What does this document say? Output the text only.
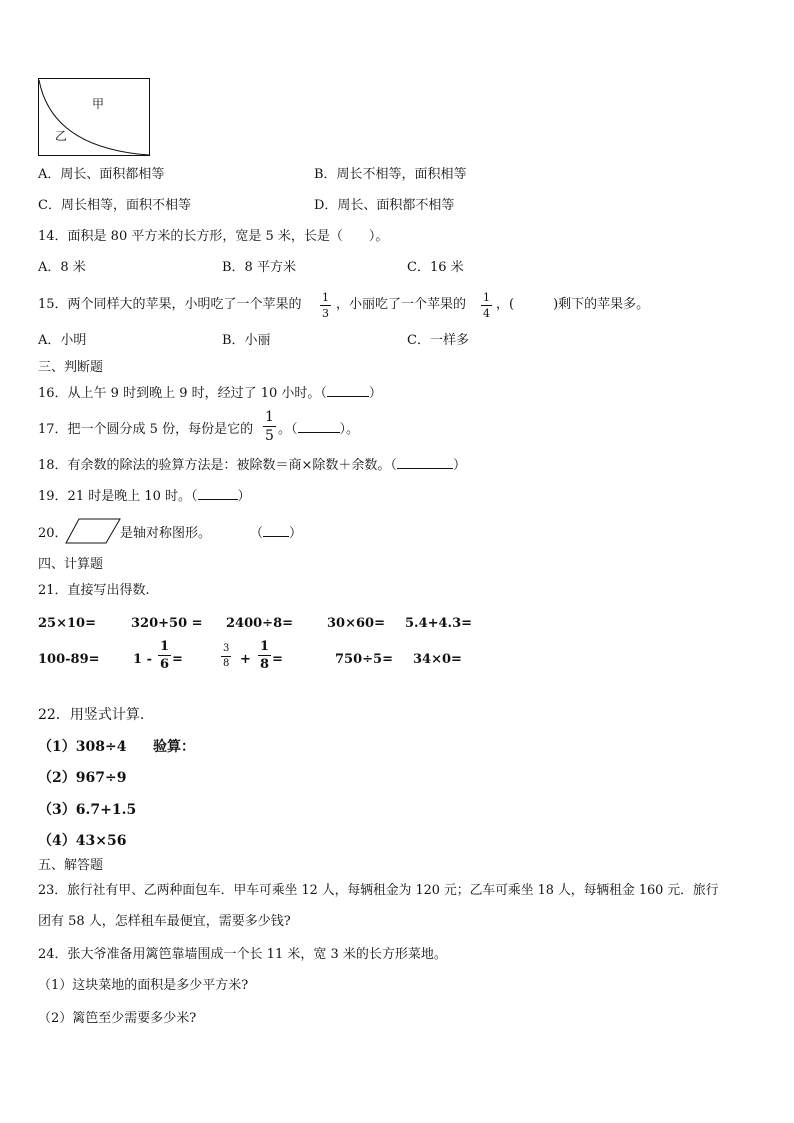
甲
乙
A．周长、面积都相等	B．周长不相等，面积相等
C．周长相等，面积不相等	D．周长、面积都不相等
14．面积是 80 平方米的长方形，宽是 5 米，长是（　　）。
A．8 米	B．8 平方米	C．16 米
15．两个同样大的苹果，小明吃了一个苹果的 $\frac{1}{3}$ ，小丽吃了一个苹果的 $\frac{1}{4}$ ，(　　　)剩下的苹果多。
A．小明	B．小丽	C．一样多
三、判断题
16．从上午 9 时到晚上 9 时，经过了 10 小时。（	）
17．把一个圆分成 5 份，每份是它的 $\frac{1}{5}$ 。（	）。
18．有余数的除法的验算方法是：被除数＝商×除数＋余数。（	）
19．21 时是晚上 10 时。（	）
20．	是轴对称图形。	（ ）
四、计算题
21．直接写出得数.
25×10=	320+50 = 2400÷8=	30×60= 5.4+4.3=
100-89=	$1 - \frac{1}{6}$ =	$\frac{3}{8} + \frac{1}{8}$ =	750÷5= 34×0=
22．用竖式计算.
（1）308÷4 验算：
（2）967÷9
（3）6.7+1.5
（4）43×56
五、解答题
23．旅行社有甲、乙两种面包车．甲车可乘坐 12 人，每辆租金为 120 元；乙车可乘坐 18 人，每辆租金 160 元．旅行
团有 58 人，怎样租车最便宜，需要多少钱?
24．张大爷准备用篱笆靠墙围成一个长 11 米，宽 3 米的长方形菜地。
（1）这块菜地的面积是多少平方米?
（2）篱笆至少需要多少米?
